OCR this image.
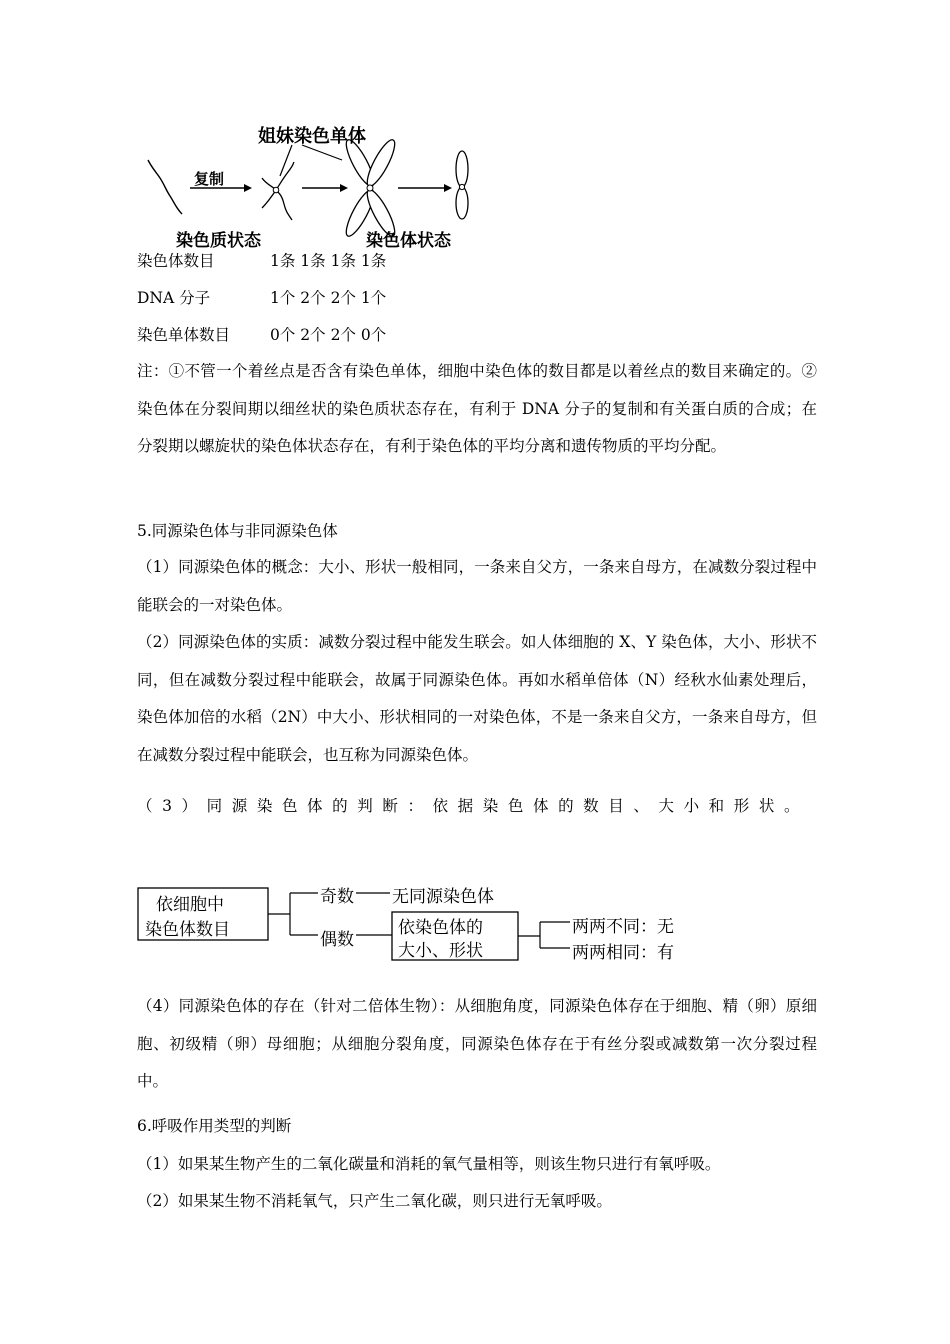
姐妹染色单体
复制
染色质状态	染色体状态
染色体数目	1条 1条 1条 1条
DNA 分子	1个 2个 2个 1个
染色单体数目	0个 2个 2个 0个
注：①不管一个着丝点是否含有染色单体，细胞中染色体的数目都是以着丝点的数目来确定的。②染色体在分裂间期以细丝状的染色质状态存在，有利于 DNA 分子的复制和有关蛋白质的合成；在分裂期以螺旋状的染色体状态存在，有利于染色体的平均分离和遗传物质的平均分配。
5.同源染色体与非同源染色体
（1）同源染色体的概念：大小、形状一般相同，一条来自父方，一条来自母方，在减数分裂过程中能联会的一对染色体。
（2）同源染色体的实质：减数分裂过程中能发生联会。如人体细胞的 X、Y 染色体，大小、形状不同，但在减数分裂过程中能联会，故属于同源染色体。再如水稻单倍体（N）经秋水仙素处理后，染色体加倍的水稻（2N）中大小、形状相同的一对染色体，不是一条来自父方，一条来自母方，但在减数分裂过程中能联会，也互称为同源染色体。
（3）同源染色体的判断：依据染色体的数目、大小和形状。
依细胞中
染色体数目
奇数 无同源染色体
偶数
依染色体的
大小、形状
两两不同：无
两两相同：有
（4）同源染色体的存在（针对二倍体生物）：从细胞角度，同源染色体存在于细胞、精（卵）原细胞、初级精（卵）母细胞；从细胞分裂角度，同源染色体存在于有丝分裂或减数第一次分裂过程中。
6.呼吸作用类型的判断
（1）如果某生物产生的二氧化碳量和消耗的氧气量相等，则该生物只进行有氧呼吸。
（2）如果某生物不消耗氧气，只产生二氧化碳，则只进行无氧呼吸。
